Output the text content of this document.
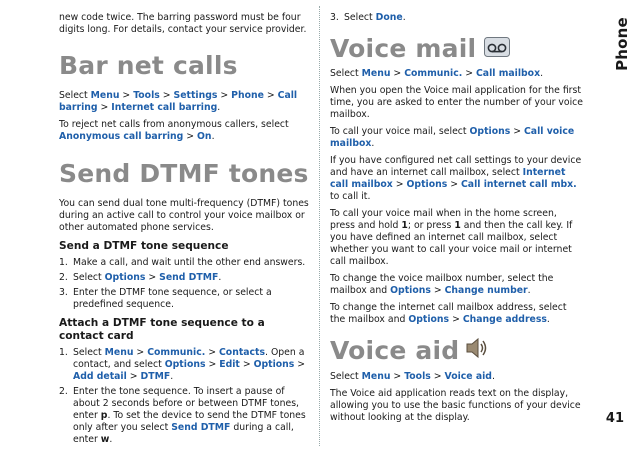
Phone
41

new code twice. The barring password must be four digits long. For details, contact your service provider.

Bar net calls

Select Menu > Tools > Settings > Phone > Call barring > Internet call barring.

To reject net calls from anonymous callers, select Anonymous call barring > On.

Send DTMF tones

You can send dual tone multi-frequency (DTMF) tones during an active call to control your voice mailbox or other automated phone services.

Send a DTMF tone sequence
1. Make a call, and wait until the other end answers.
2. Select Options > Send DTMF.
3. Enter the DTMF tone sequence, or select a predefined sequence.
Attach a DTMF tone sequence to a contact card
1. Select Menu > Communic. > Contacts. Open a contact, and select Options > Edit > Options > Add detail > DTMF.
2. Enter the tone sequence. To insert a pause of about 2 seconds before or between DTMF tones, enter p. To set the device to send the DTMF tones only after you select Send DTMF during a call, enter w.
3. Select Done.
Voice mail

Select Menu > Communic. > Call mailbox.

When you open the Voice mail application for the first time, you are asked to enter the number of your voice mailbox.

To call your voice mail, select Options > Call voice mailbox.

If you have configured net call settings to your device and have an internet call mailbox, select Internet call mailbox > Options > Call internet call mbx. to call it.

To call your voice mail when in the home screen, press and hold 1; or press 1 and then the call key. If you have defined an internet call mailbox, select whether you want to call your voice mail or internet call mailbox.

To change the voice mailbox number, select the mailbox and Options > Change number.

To change the internet call mailbox address, select the mailbox and Options > Change address.

Voice aid

Select Menu > Tools > Voice aid.

The Voice aid application reads text on the display, allowing you to use the basic functions of your device without looking at the display.
